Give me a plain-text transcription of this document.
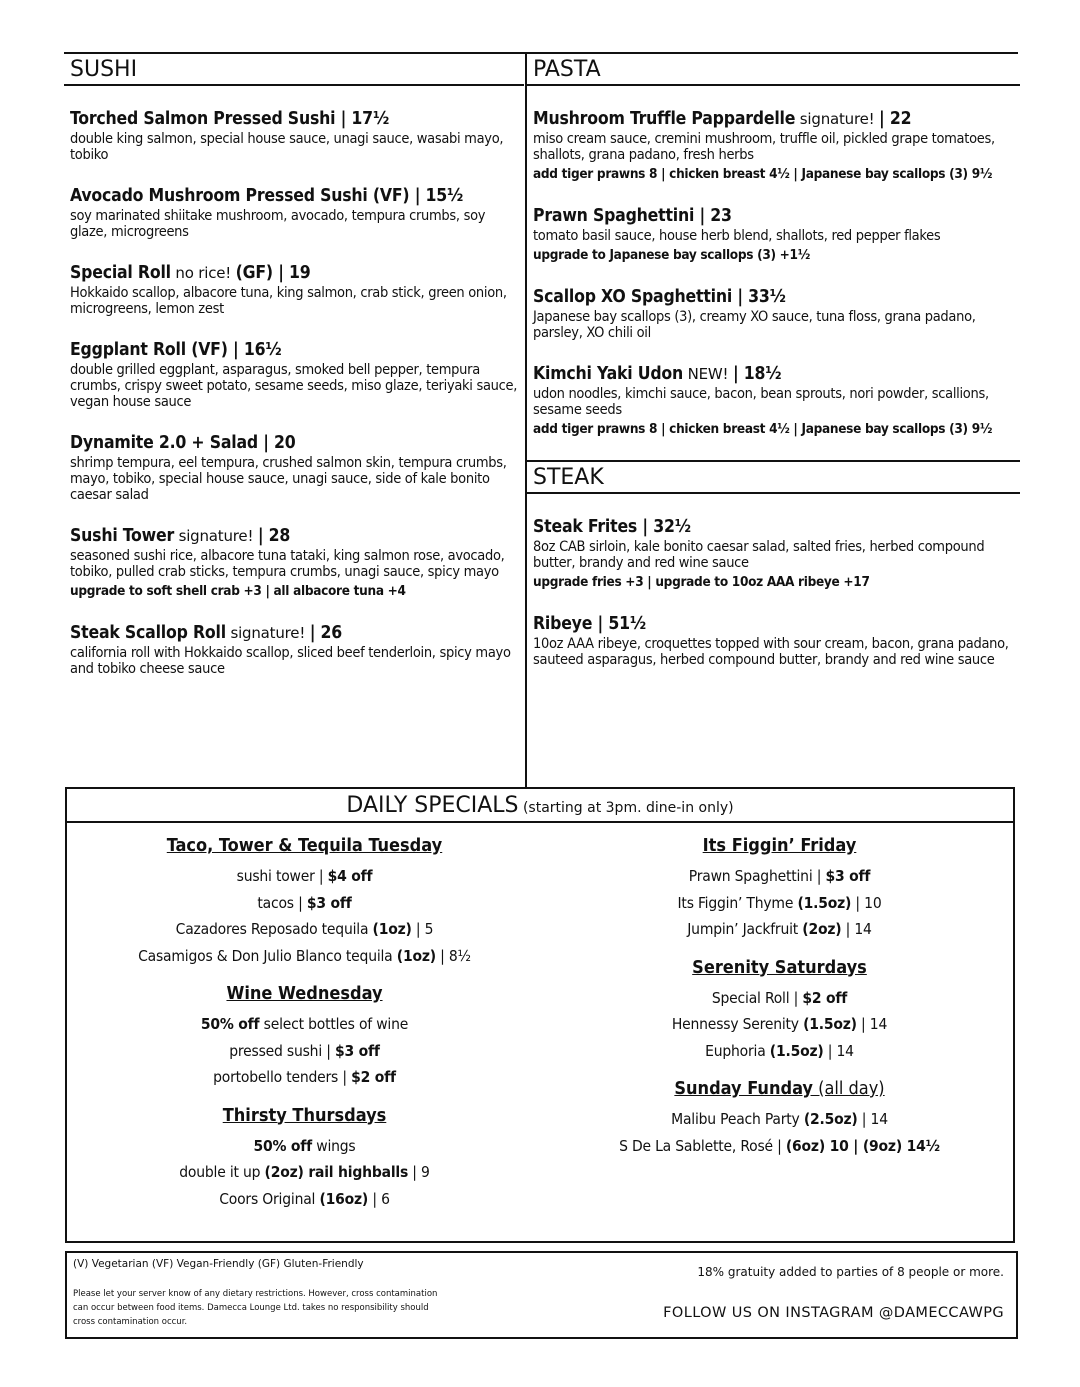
SUSHI
Torched Salmon Pressed Sushi | 17½
double king salmon, special house sauce, unagi sauce, wasabi mayo, tobiko
Avocado Mushroom Pressed Sushi (VF) | 15½
soy marinated shiitake mushroom, avocado, tempura crumbs, soy glaze, microgreens
Special Roll no rice! (GF) | 19
Hokkaido scallop, albacore tuna, king salmon, crab stick, green onion, microgreens, lemon zest
Eggplant Roll (VF) | 16½
double grilled eggplant, asparagus, smoked bell pepper, tempura crumbs, crispy sweet potato, sesame seeds, miso glaze, teriyaki sauce, vegan house sauce
Dynamite 2.0 + Salad | 20
shrimp tempura, eel tempura, crushed salmon skin, tempura crumbs, mayo, tobiko, special house sauce, unagi sauce, side of kale bonito caesar salad
Sushi Tower signature! | 28
seasoned sushi rice, albacore tuna tataki, king salmon rose, avocado, tobiko, pulled crab sticks, tempura crumbs, unagi sauce, spicy mayo
upgrade to soft shell crab +3 | all albacore tuna +4
Steak Scallop Roll signature! | 26
california roll with Hokkaido scallop, sliced beef tenderloin, spicy mayo and tobiko cheese sauce
PASTA
Mushroom Truffle Pappardelle signature! | 22
miso cream sauce, cremini mushroom, truffle oil, pickled grape tomatoes, shallots, grana padano, fresh herbs
add tiger prawns 8 | chicken breast 4½ | Japanese bay scallops (3) 9½
Prawn Spaghettini | 23
tomato basil sauce, house herb blend, shallots, red pepper flakes
upgrade to Japanese bay scallops (3) +1½
Scallop XO Spaghettini | 33½
Japanese bay scallops (3), creamy XO sauce, tuna floss, grana padano, parsley, XO chili oil
Kimchi Yaki Udon NEW! | 18½
udon noodles, kimchi sauce, bacon, bean sprouts, nori powder, scallions, sesame seeds
add tiger prawns 8 | chicken breast 4½ | Japanese bay scallops (3) 9½
STEAK
Steak Frites | 32½
8oz CAB sirloin, kale bonito caesar salad, salted fries, herbed compound butter, brandy and red wine sauce
upgrade fries +3 | upgrade to 10oz AAA ribeye +17
Ribeye | 51½
10oz AAA ribeye, croquettes topped with sour cream, bacon, grana padano, sauteed asparagus, herbed compound butter, brandy and red wine sauce
DAILY SPECIALS (starting at 3pm. dine-in only)
Taco, Tower & Tequila Tuesday
sushi tower | $4 off
tacos | $3 off
Cazadores Reposado tequila (1oz) | 5
Casamigos & Don Julio Blanco tequila (1oz) | 8½
Wine Wednesday
50% off select bottles of wine
pressed sushi | $3 off
portobello tenders | $2 off
Thirsty Thursdays
50% off wings
double it up (2oz) rail highballs | 9
Coors Original (16oz) | 6
Its Figgin’ Friday
Prawn Spaghettini | $3 off
Its Figgin’ Thyme (1.5oz) | 10
Jumpin’ Jackfruit (2oz) | 14
Serenity Saturdays
Special Roll | $2 off
Hennessy Serenity (1.5oz) | 14
Euphoria (1.5oz) | 14
Sunday Funday (all day)
Malibu Peach Party (2.5oz) | 14
S De La Sablette, Rosé | (6oz) 10 | (9oz) 14½
(V) Vegetarian (VF) Vegan-Friendly (GF) Gluten-Friendly
Please let your server know of any dietary restrictions. However, cross contamination can occur between food items. Damecca Lounge Ltd. takes no responsibility should cross contamination occur.
18% gratuity added to parties of 8 people or more.
FOLLOW US ON INSTAGRAM @DAMECCAWPG
